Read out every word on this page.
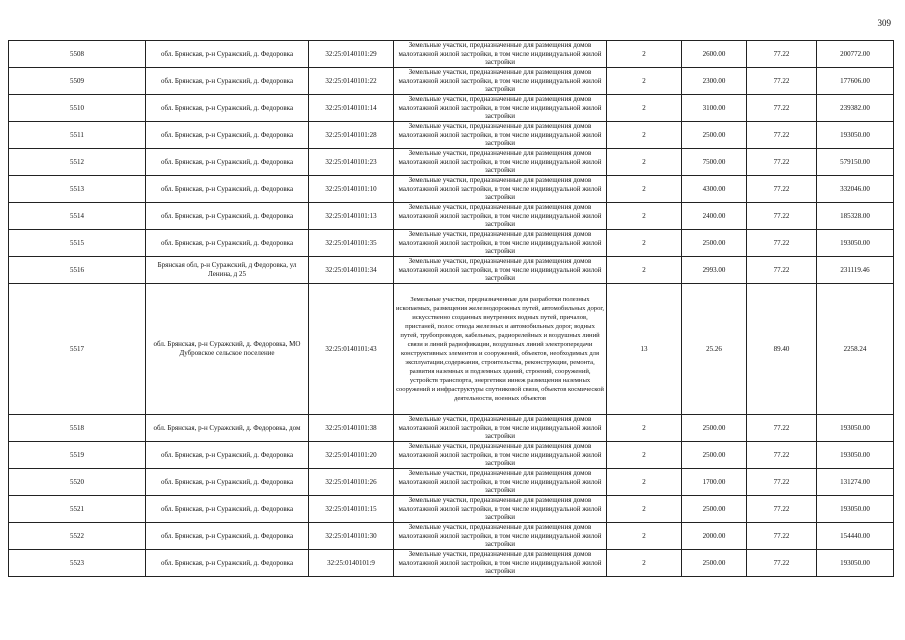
309
5508	обл. Брянская, р-н Суражский, д. Федоровка	32:25:0140101:29	Земельные участки, предназначенные для размещения домов малоэтажной жилой застройки, в том числе индивидуальной жилой застройки	2	2600.00	77.22	200772.00
5509	обл. Брянская, р-н Суражский, д. Федоровка	32:25:0140101:22	Земельные участки, предназначенные для размещения домов малоэтажной жилой застройки, в том числе индивидуальной жилой застройки	2	2300.00	77.22	177606.00
5510	обл. Брянская, р-н Суражский, д. Федоровка	32:25:0140101:14	Земельные участки, предназначенные для размещения домов малоэтажной жилой застройки, в том числе индивидуальной жилой застройки	2	3100.00	77.22	239382.00
5511	обл. Брянская, р-н Суражский, д. Федоровка	32:25:0140101:28	Земельные участки, предназначенные для размещения домов малоэтажной жилой застройки, в том числе индивидуальной жилой застройки	2	2500.00	77.22	193050.00
5512	обл. Брянская, р-н Суражский, д. Федоровка	32:25:0140101:23	Земельные участки, предназначенные для размещения домов малоэтажной жилой застройки, в том числе индивидуальной жилой застройки	2	7500.00	77.22	579150.00
5513	обл. Брянская, р-н Суражский, д. Федоровка	32:25:0140101:10	Земельные участки, предназначенные для размещения домов малоэтажной жилой застройки, в том числе индивидуальной жилой застройки	2	4300.00	77.22	332046.00
5514	обл. Брянская, р-н Суражский, д. Федоровка	32:25:0140101:13	Земельные участки, предназначенные для размещения домов малоэтажной жилой застройки, в том числе индивидуальной жилой застройки	2	2400.00	77.22	185328.00
5515	обл. Брянская, р-н Суражский, д. Федоровка	32:25:0140101:35	Земельные участки, предназначенные для размещения домов малоэтажной жилой застройки, в том числе индивидуальной жилой застройки	2	2500.00	77.22	193050.00
5516	Брянская обл, р-н Суражский, д Федоровка, ул Ленина, д 25	32:25:0140101:34	Земельные участки, предназначенные для размещения домов малоэтажной жилой застройки, в том числе индивидуальной жилой застройки	2	2993.00	77.22	231119.46
5517	обл. Брянская, р-н Суражский, д. Федоровка, МО Дубровское сельское поселение	32:25:0140101:43	Земельные участки, предназначенные для разработки полезных ископаемых, размещения железнодорожных путей, автомобильных дорог, искусственно созданных внутренних водных путей, причалов, пристаней, полос отвода железных и автомобильных дорог, водных путей, трубопроводов, кабельных, радиорелейных и воздушных линий связи и линий радиофикации, воздушных линий электропередачи конструктивных элементов и сооружений, объектов, необходимых для эксплуатации,содержания, строительства, реконструкции, ремонта, развития наземных и подземных зданий, строений, сооружений, устройств транспорта, энергетики иинеж размещения наземных сооружений и инфраструктуры спутниковой связи, объектов космической деятельности, военных объектов	13	25.26	89.40	2258.24
5518	обл. Брянская, р-н Суражский, д. Федоровка, дом	32:25:0140101:38	Земельные участки, предназначенные для размещения домов малоэтажной жилой застройки, в том числе индивидуальной жилой застройки	2	2500.00	77.22	193050.00
5519	обл. Брянская, р-н Суражский, д. Федоровка	32:25:0140101:20	Земельные участки, предназначенные для размещения домов малоэтажной жилой застройки, в том числе индивидуальной жилой застройки	2	2500.00	77.22	193050.00
5520	обл. Брянская, р-н Суражский, д. Федоровка	32:25:0140101:26	Земельные участки, предназначенные для размещения домов малоэтажной жилой застройки, в том числе индивидуальной жилой застройки	2	1700.00	77.22	131274.00
5521	обл. Брянская, р-н Суражский, д. Федоровка	32:25:0140101:15	Земельные участки, предназначенные для размещения домов малоэтажной жилой застройки, в том числе индивидуальной жилой застройки	2	2500.00	77.22	193050.00
5522	обл. Брянская, р-н Суражский, д. Федоровка	32:25:0140101:30	Земельные участки, предназначенные для размещения домов малоэтажной жилой застройки, в том числе индивидуальной жилой застройки	2	2000.00	77.22	154440.00
5523	обл. Брянская, р-н Суражский, д. Федоровка	32:25:0140101:9	Земельные участки, предназначенные для размещения домов малоэтажной жилой застройки, в том числе индивидуальной жилой застройки	2	2500.00	77.22	193050.00
